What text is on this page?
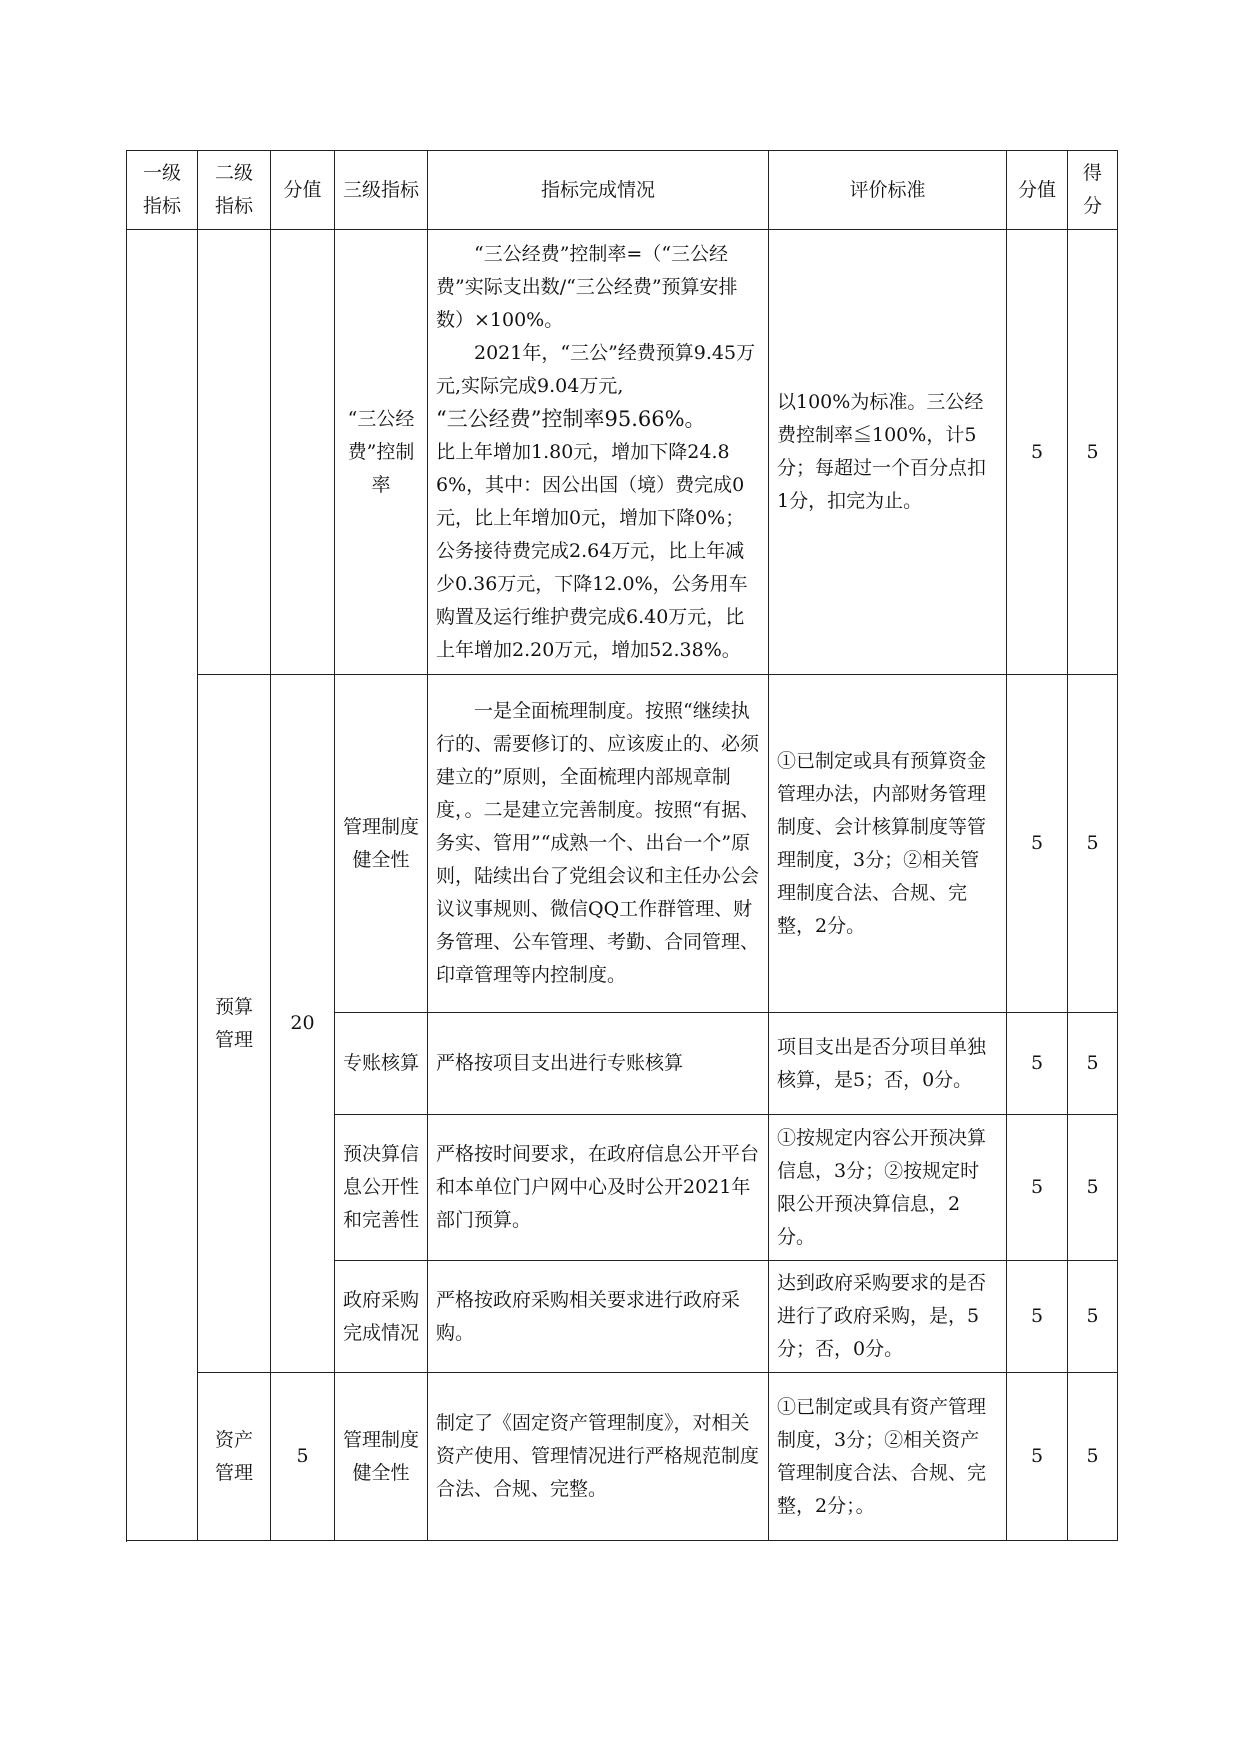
一级指标	二级指标	分值	三级指标	指标完成情况	评价标准	分值	得分
			“三公经费”控制率	“三公经费”控制率=（“三公经费”实际支出数/“三公经费”预算安排数）×100%。

2021年，“三公”经费预算9.45万元,实际完成9.04万元,

“三公经费”控制率95.66%。

比上年增加1.80元，增加下降24.86%，其中：因公出国（境）费完成0元，比上年增加0元，增加下降0%；公务接待费完成2.64万元，比上年减少0.36万元，下降12.0%，公务用车购置及运行维护费完成6.40万元，比上年增加2.20万元，增加52.38%。	以100%为标准。三公经费控制率≦100%，计5分；每超过一个百分点扣1分，扣完为止。	5	5
	预算管理	20	管理制度健全性	一是全面梳理制度。按照“继续执行的、需要修订的、应该废止的、必须建立的”原则，全面梳理内部规章制度，。二是建立完善制度。按照“有据、务实、管用”“成熟一个、出台一个”原则，陆续出台了党组会议和主任办公会议议事规则、微信QQ工作群管理、财务管理、公车管理、考勤、合同管理、印章管理等内控制度。	①已制定或具有预算资金管理办法，内部财务管理制度、会计核算制度等管理制度，3分；②相关管理制度合法、合规、完整，2分。	5	5
			专账核算	严格按项目支出进行专账核算	项目支出是否分项目单独核算，是5；否，0分。	5	5
			预决算信息公开性和完善性	严格按时间要求，在政府信息公开平台和本单位门户网中心及时公开2021年部门预算。	①按规定内容公开预决算信息，3分；②按规定时限公开预决算信息，2分。	5	5
			政府采购完成情况	严格按政府采购相关要求进行政府采购。	达到政府采购要求的是否进行了政府采购，是，5分；否，0分。	5	5
	资产管理	5	管理制度健全性	制定了《固定资产管理制度》，对相关资产使用、管理情况进行严格规范制度合法、合规、完整。	①已制定或具有资产管理制度，3分；②相关资产管理制度合法、合规、完整，2分；。	5	5
